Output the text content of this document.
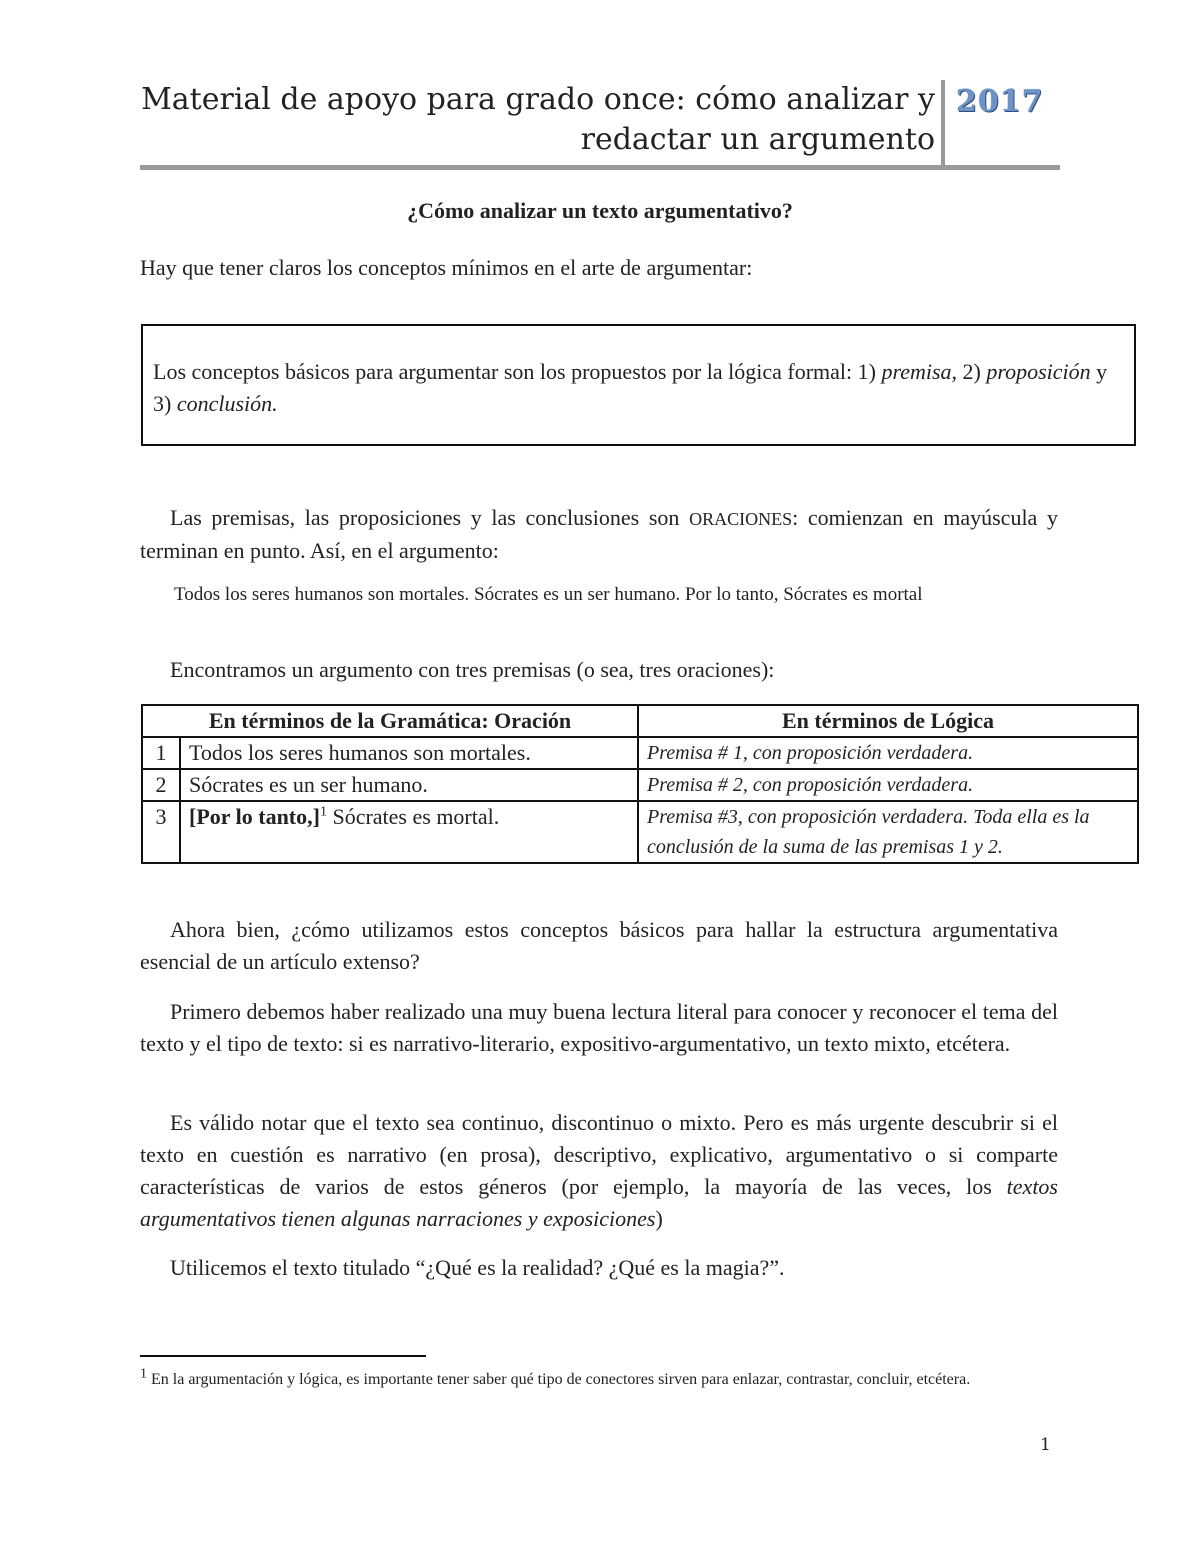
Material de apoyo para grado once: cómo analizar y
redactar un argumento
2017
¿Cómo analizar un texto argumentativo?
Hay que tener claros los conceptos mínimos en el arte de argumentar:
Los conceptos básicos para argumentar son los propuestos por la lógica formal: 1) premisa, 2) proposición y 3) conclusión.

Las premisas, las proposiciones y las conclusiones son ORACIONES: comienzan en mayúscula y terminan en punto. Así, en el argumento:

Todos los seres humanos son mortales. Sócrates es un ser humano. Por lo tanto, Sócrates es mortal

Encontramos un argumento con tres premisas (o sea, tres oraciones):

En términos de la Gramática: Oración		En términos de Lógica
1	Todos los seres humanos son mortales.	Premisa # 1, con proposición verdadera.
2	Sócrates es un ser humano.	Premisa # 2, con proposición verdadera.
3	[Por lo tanto,]$^1$ Sócrates es mortal.	Premisa #3, con proposición verdadera. Toda ella es la conclusión de la suma de las premisas 1 y 2.

Ahora bien, ¿cómo utilizamos estos conceptos básicos para hallar la estructura argumentativa esencial de un artículo extenso?

Primero debemos haber realizado una muy buena lectura literal para conocer y reconocer el tema del texto y el tipo de texto: si es narrativo-literario, expositivo-argumentativo, un texto mixto, etcétera.

Es válido notar que el texto sea continuo, discontinuo o mixto. Pero es más urgente descubrir si el texto en cuestión es narrativo (en prosa), descriptivo, explicativo, argumentativo o si comparte características de varios de estos géneros (por ejemplo, la mayoría de las veces, los textos argumentativos tienen algunas narraciones y exposiciones)

Utilicemos el texto titulado “¿Qué es la realidad? ¿Qué es la magia?”.

$^1$ En la argumentación y lógica, es importante tener saber qué tipo de conectores sirven para enlazar, contrastar, concluir, etcétera.
1
